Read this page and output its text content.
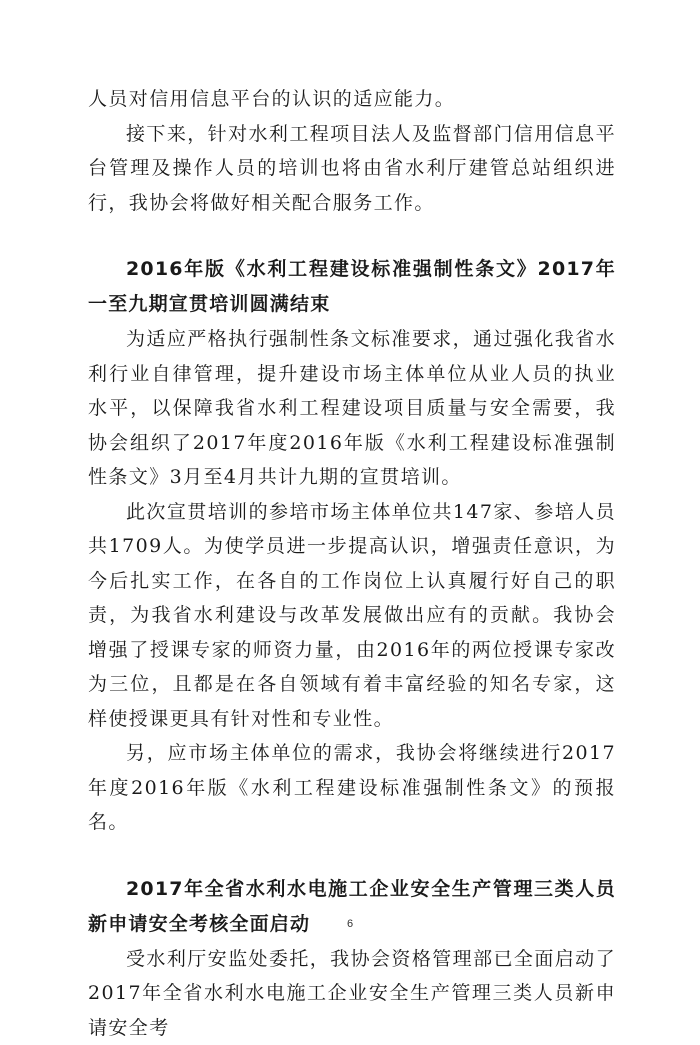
人员对信用信息平台的认识的适应能力。

接下来，针对水利工程项目法人及监督部门信用信息平台管理及操作人员的培训也将由省水利厅建管总站组织进行，我协会将做好相关配合服务工作。

2016年版《水利工程建设标准强制性条文》2017年一至九期宣贯培训圆满结束

为适应严格执行强制性条文标准要求，通过强化我省水利行业自律管理，提升建设市场主体单位从业人员的执业水平，以保障我省水利工程建设项目质量与安全需要，我协会组织了2017年度2016年版《水利工程建设标准强制性条文》3月至4月共计九期的宣贯培训。

此次宣贯培训的参培市场主体单位共147家、参培人员共1709人。为使学员进一步提高认识，增强责任意识，为今后扎实工作，在各自的工作岗位上认真履行好自己的职责，为我省水利建设与改革发展做出应有的贡献。我协会增强了授课专家的师资力量，由2016年的两位授课专家改为三位，且都是在各自领域有着丰富经验的知名专家，这样使授课更具有针对性和专业性。

另，应市场主体单位的需求，我协会将继续进行2017年度2016年版《水利工程建设标准强制性条文》的预报名。

2017年全省水利水电施工企业安全生产管理三类人员新申请安全考核全面启动

受水利厅安监处委托，我协会资格管理部已全面启动了2017年全省水利水电施工企业安全生产管理三类人员新申请安全考

6
